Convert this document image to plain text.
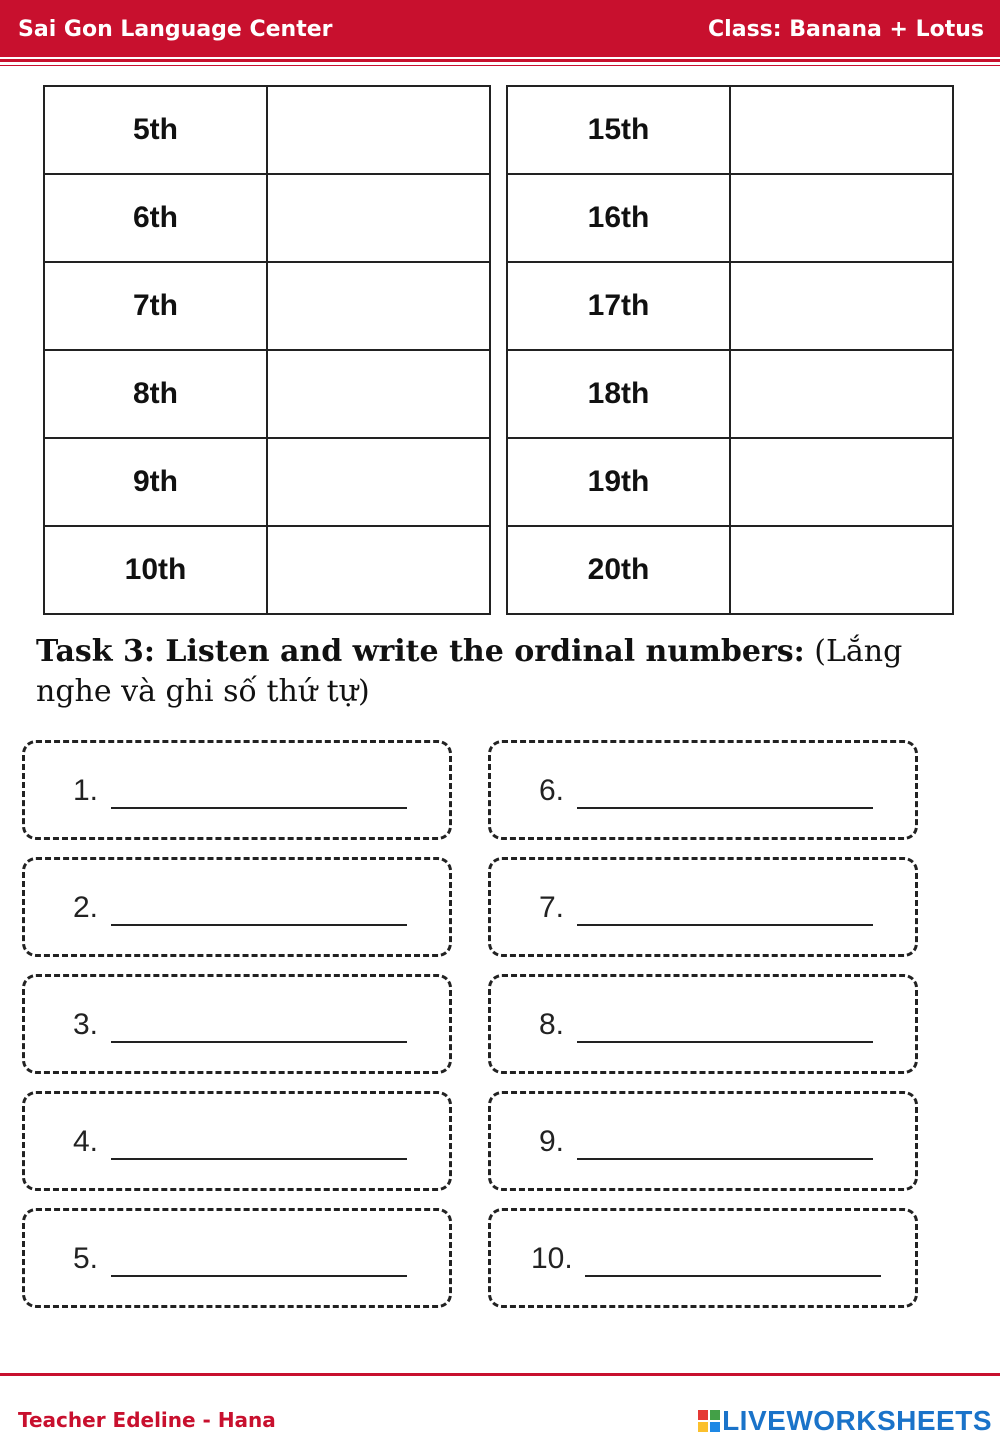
Sai Gon Language Center	Class: Banana + Lotus
5th	
6th	
7th	
8th	
9th	
10th	
15th	
16th	
17th	
18th	
19th	
20th	
Task 3: Listen and write the ordinal numbers: (Lắng nghe và ghi số thứ tự)
1.
2.
3.
4.
5.
6.
7.
8.
9.
10.
Teacher Edeline - Hana	LIVEWORKSHEETS
